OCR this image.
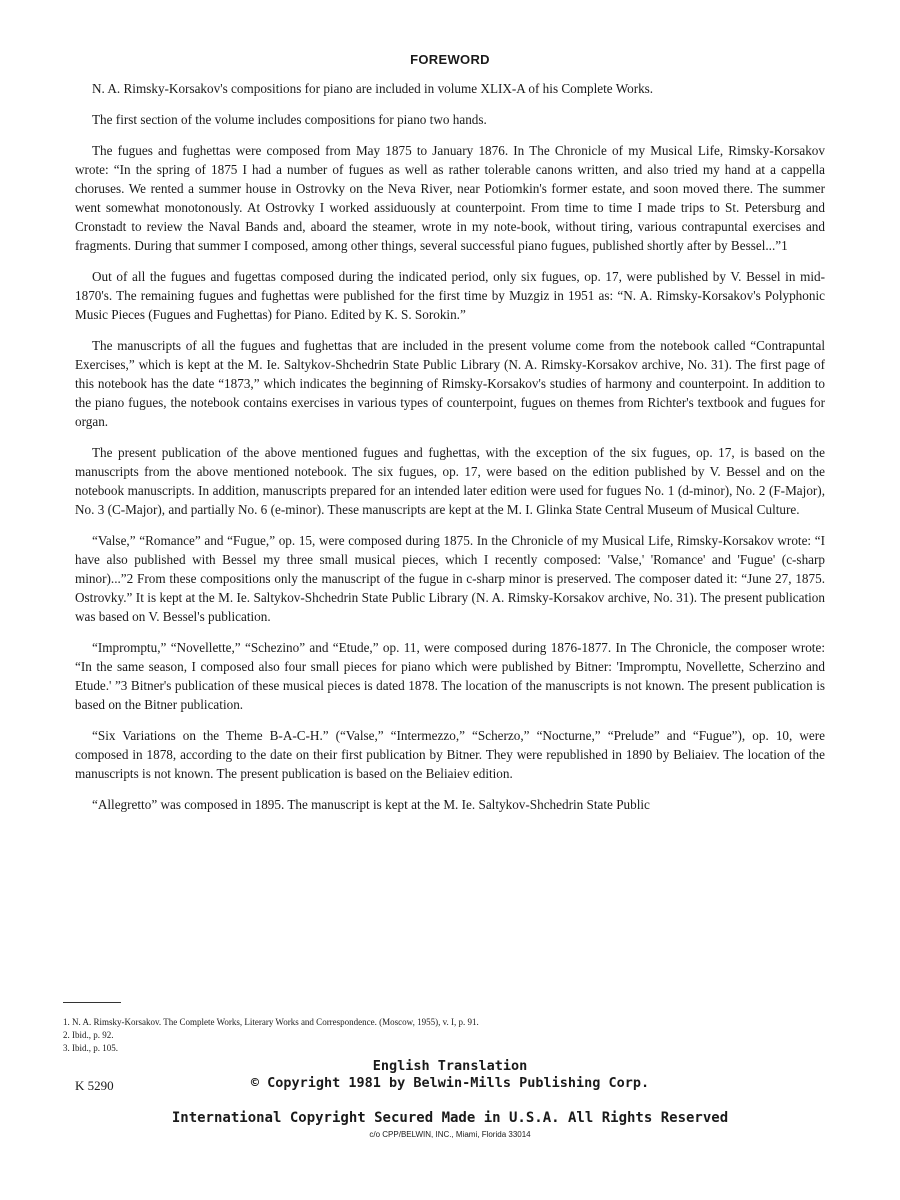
FOREWORD

N. A. Rimsky-Korsakov's compositions for piano are included in volume XLIX-A of his Complete Works.

The first section of the volume includes compositions for piano two hands.

The fugues and fughettas were composed from May 1875 to January 1876. In The Chronicle of my Musical Life, Rimsky-Korsakov wrote: “In the spring of 1875 I had a number of fugues as well as rather tolerable canons written, and also tried my hand at a cappella choruses. We rented a summer house in Ostrovky on the Neva River, near Potiomkin's former estate, and soon moved there. The summer went somewhat monotonously. At Ostrovky I worked assiduously at counterpoint. From time to time I made trips to St. Petersburg and Cronstadt to review the Naval Bands and, aboard the steamer, wrote in my note-book, without tiring, various contrapuntal exercises and fragments. During that summer I composed, among other things, several successful piano fugues, published shortly after by Bessel...”1

Out of all the fugues and fugettas composed during the indicated period, only six fugues, op. 17, were published by V. Bessel in mid-1870's. The remaining fugues and fughettas were published for the first time by Muzgiz in 1951 as: “N. A. Rimsky-Korsakov's Polyphonic Music Pieces (Fugues and Fughettas) for Piano. Edited by K. S. Sorokin.”

The manuscripts of all the fugues and fughettas that are included in the present volume come from the notebook called “Contrapuntal Exercises,” which is kept at the M. Ie. Saltykov-Shchedrin State Public Library (N. A. Rimsky-Korsakov archive, No. 31). The first page of this notebook has the date “1873,” which indicates the beginning of Rimsky-Korsakov's studies of harmony and counterpoint. In addition to the piano fugues, the notebook contains exercises in various types of counterpoint, fugues on themes from Richter's textbook and fugues for organ.

The present publication of the above mentioned fugues and fughettas, with the exception of the six fugues, op. 17, is based on the manuscripts from the above mentioned notebook. The six fugues, op. 17, were based on the edition published by V. Bessel and on the notebook manuscripts. In addition, manuscripts prepared for an intended later edition were used for fugues No. 1 (d-minor), No. 2 (F-Major), No. 3 (C-Major), and partially No. 6 (e-minor). These manuscripts are kept at the M. I. Glinka State Central Museum of Musical Culture.

“Valse,” “Romance” and “Fugue,” op. 15, were composed during 1875. In the Chronicle of my Musical Life, Rimsky-Korsakov wrote: “I have also published with Bessel my three small musical pieces, which I recently composed: 'Valse,' 'Romance' and 'Fugue' (c-sharp minor)...”2 From these compositions only the manuscript of the fugue in c-sharp minor is preserved. The composer dated it: “June 27, 1875. Ostrovky.” It is kept at the M. Ie. Saltykov-Shchedrin State Public Library (N. A. Rimsky-Korsakov archive, No. 31). The present publication was based on V. Bessel's publication.

“Impromptu,” “Novellette,” “Schezino” and “Etude,” op. 11, were composed during 1876-1877. In The Chronicle, the composer wrote: “In the same season, I composed also four small pieces for piano which were published by Bitner: 'Impromptu, Novellette, Scherzino and Etude.' ”3 Bitner's publication of these musical pieces is dated 1878. The location of the manuscripts is not known. The present publication is based on the Bitner publication.

“Six Variations on the Theme B-A-C-H.” (“Valse,” “Intermezzo,” “Scherzo,” “Nocturne,” “Prelude” and “Fugue”), op. 10, were composed in 1878, according to the date on their first publication by Bitner. They were republished in 1890 by Beliaiev. The location of the manuscripts is not known. The present publication is based on the Beliaiev edition.

“Allegretto” was composed in 1895. The manuscript is kept at the M. Ie. Saltykov-Shchedrin State Public

1. N. A. Rimsky-Korsakov. The Complete Works, Literary Works and Correspondence. (Moscow, 1955), v. I, p. 91.
2. Ibid., p. 92.
3. Ibid., p. 105.
K 5290
English Translation
© Copyright 1981 by Belwin-Mills Publishing Corp.
International Copyright Secured Made in U.S.A. All Rights Reserved
c/o CPP/BELWIN, INC., Miami, Florida 33014
